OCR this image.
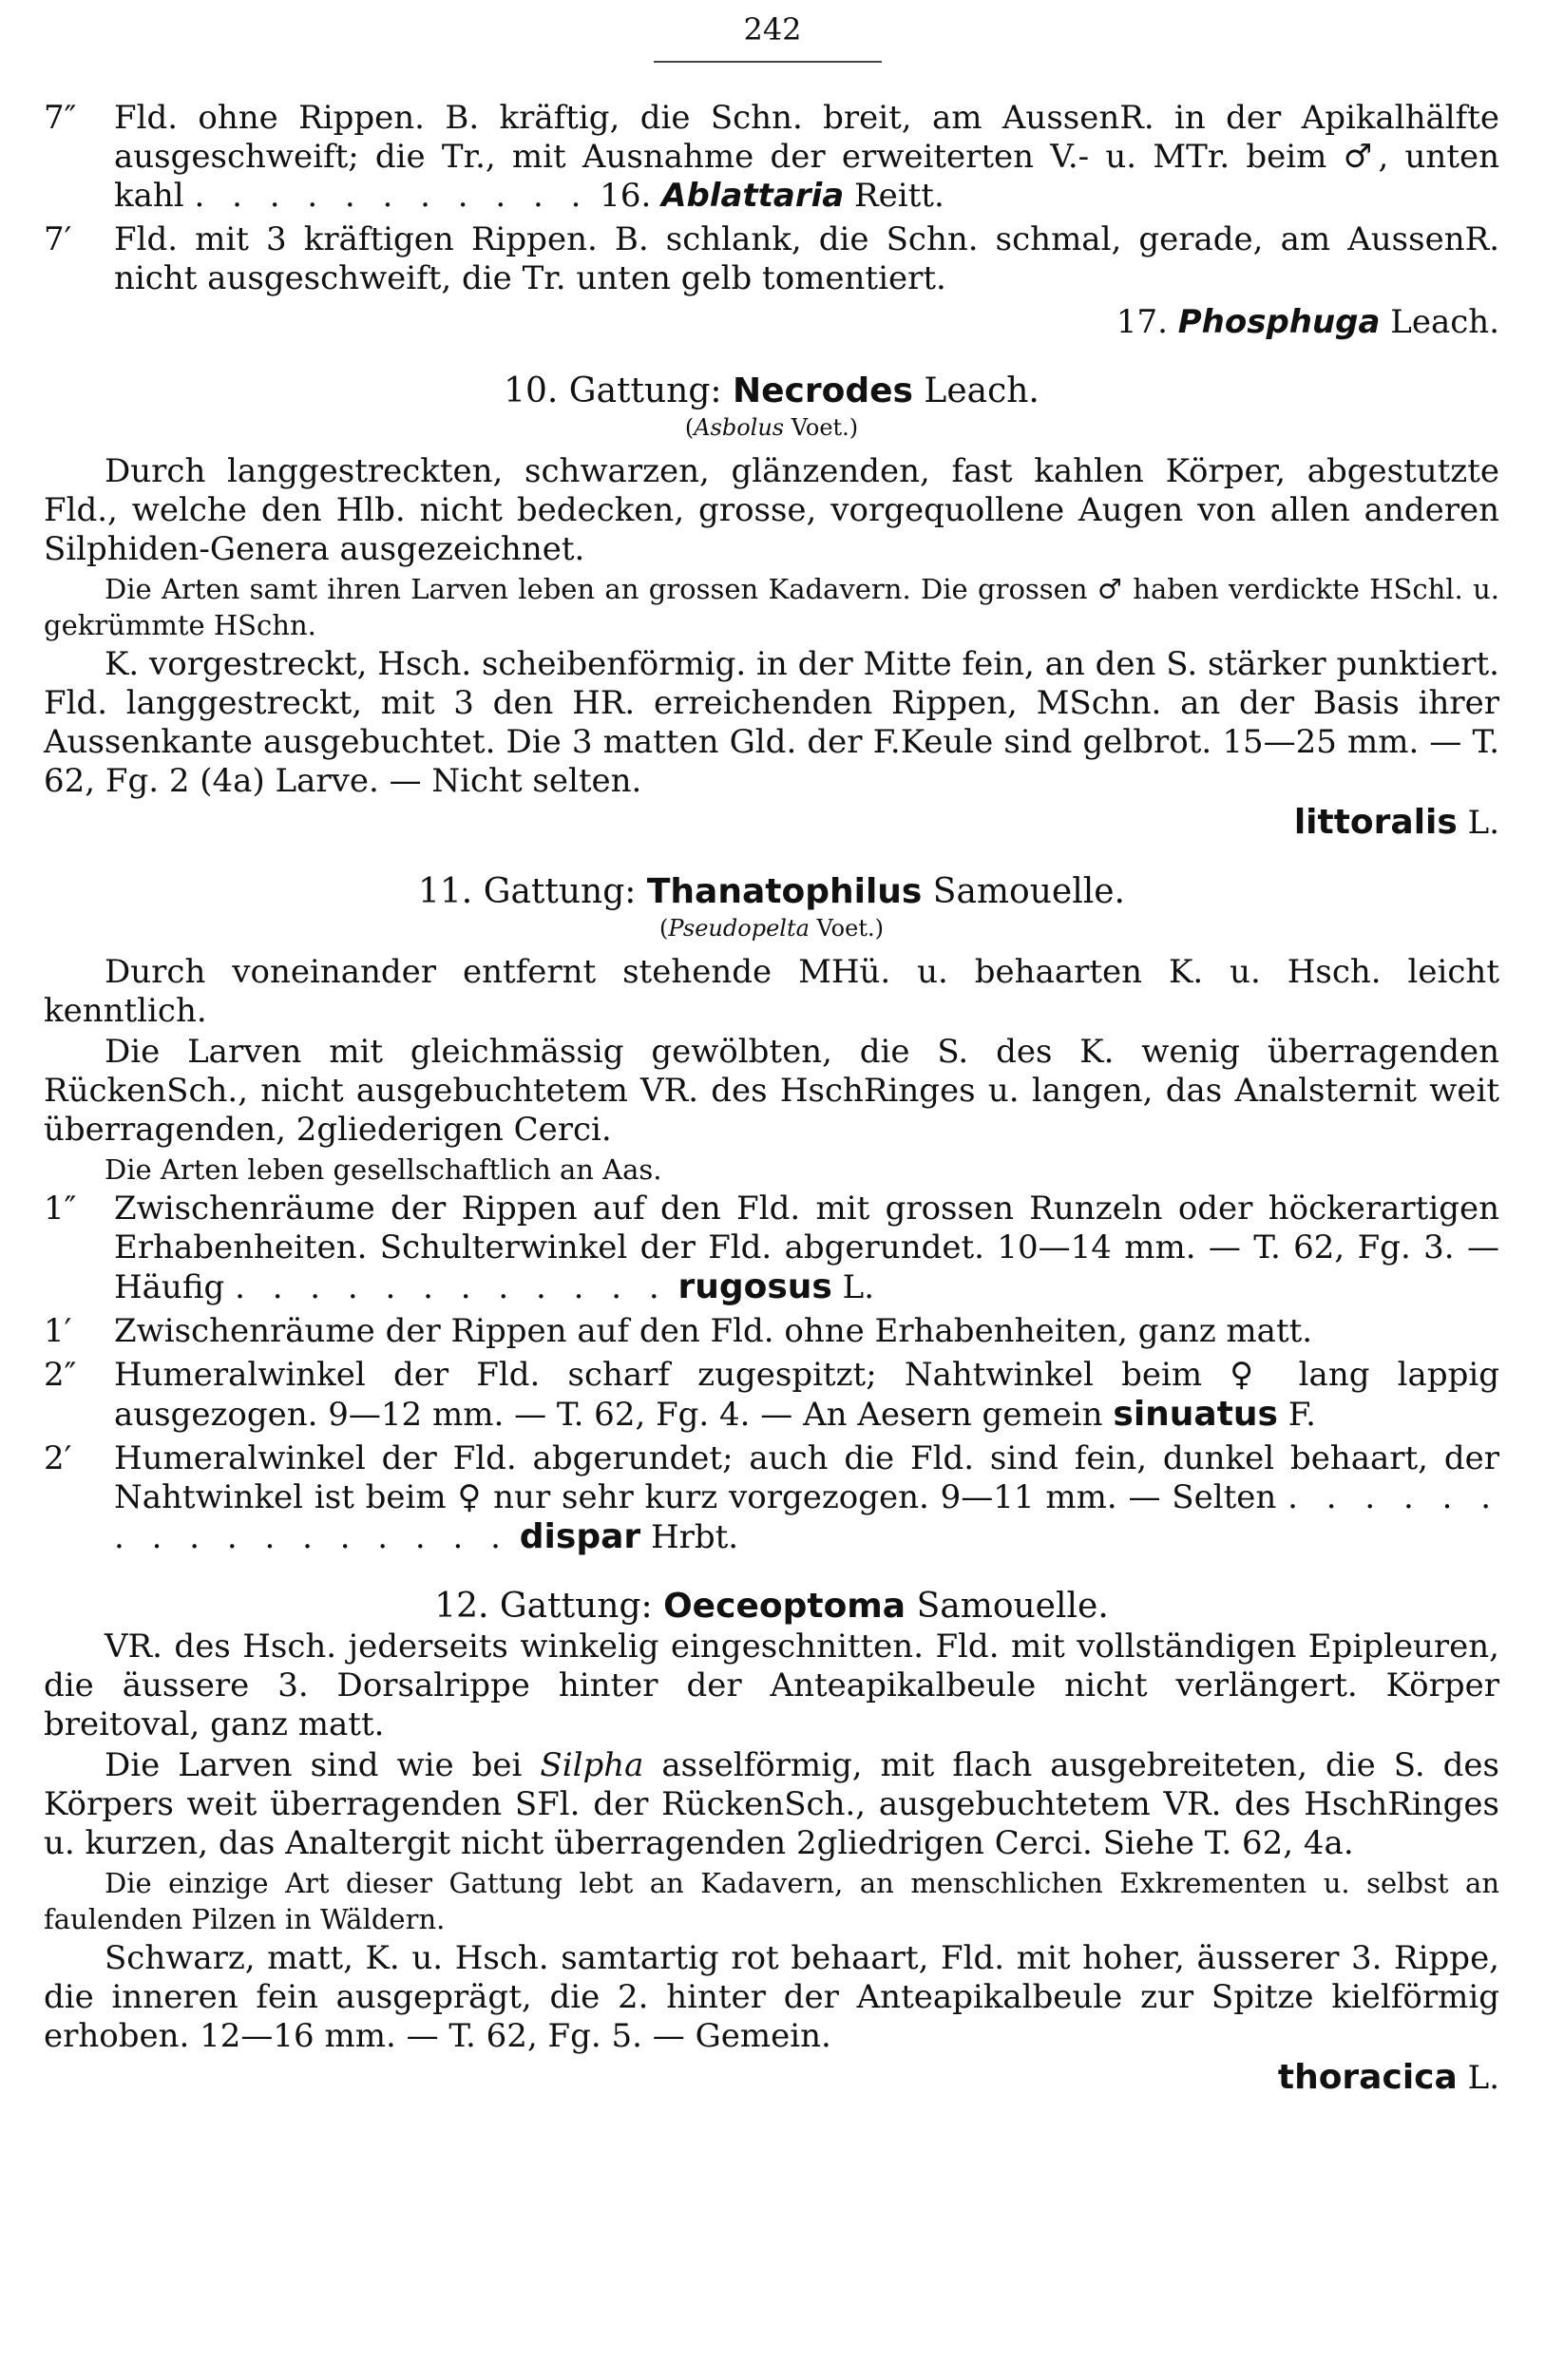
242
7″ Fld. ohne Rippen. B. kräftig, die Schn. breit, am AussenR. in der Apikalhälfte ausgeschweift; die Tr., mit Ausnahme der erweiterten V.- u. MTr. beim ♂, unten kahl . . . . . . . . . . . 16. Ablattaria Reitt.
7′ Fld. mit 3 kräftigen Rippen. B. schlank, die Schn. schmal, gerade, am AussenR. nicht ausgeschweift, die Tr. unten gelb tomentiert.
17. Phosphuga Leach.
10. Gattung: Necrodes Leach.
(Asbolus Voet.)

Durch langgestreckten, schwarzen, glänzenden, fast kahlen Körper, abgestutzte Fld., welche den Hlb. nicht bedecken, grosse, vorgequollene Augen von allen anderen Silphiden-Genera ausgezeichnet.

Die Arten samt ihren Larven leben an grossen Kadavern. Die grossen ♂ haben verdickte HSchl. u. gekrümmte HSchn.

K. vorgestreckt, Hsch. scheibenförmig. in der Mitte fein, an den S. stärker punktiert. Fld. langgestreckt, mit 3 den HR. erreichenden Rippen, MSchn. an der Basis ihrer Aussenkante ausgebuchtet. Die 3 matten Gld. der F.Keule sind gelbrot. 15—25 mm. — T. 62, Fg. 2 (4a) Larve. — Nicht selten.

littoralis L.
11. Gattung: Thanatophilus Samouelle.
(Pseudopelta Voet.)

Durch voneinander entfernt stehende MHü. u. behaarten K. u. Hsch. leicht kenntlich.

Die Larven mit gleichmässig gewölbten, die S. des K. wenig überragenden RückenSch., nicht ausgebuchtetem VR. des HschRinges u. langen, das Analsternit weit überragenden, 2gliederigen Cerci.

Die Arten leben gesellschaftlich an Aas.

1″ Zwischenräume der Rippen auf den Fld. mit grossen Runzeln oder höckerartigen Erhabenheiten. Schulterwinkel der Fld. abgerundet. 10—14 mm. — T. 62, Fg. 3. — Häufig . . . . . . . . . . . . rugosus L.
1′ Zwischenräume der Rippen auf den Fld. ohne Erhabenheiten, ganz matt.
2″ Humeralwinkel der Fld. scharf zugespitzt; Nahtwinkel beim ♀ lang lappig ausgezogen. 9—12 mm. — T. 62, Fg. 4. — An Aesern gemein sinuatus F.
2′ Humeralwinkel der Fld. abgerundet; auch die Fld. sind fein, dunkel behaart, der Nahtwinkel ist beim ♀ nur sehr kurz vorgezogen. 9—11 mm. — Selten . . . . . . . . . . . . . . . . . dispar Hrbt.
12. Gattung: Oeceoptoma Samouelle.

VR. des Hsch. jederseits winkelig eingeschnitten. Fld. mit vollständigen Epipleuren, die äussere 3. Dorsalrippe hinter der Anteapikalbeule nicht verlängert. Körper breitoval, ganz matt.

Die Larven sind wie bei Silpha asselförmig, mit flach ausgebreiteten, die S. des Körpers weit überragenden SFl. der RückenSch., ausgebuchtetem VR. des HschRinges u. kurzen, das Analtergit nicht überragenden 2gliedrigen Cerci. Siehe T. 62, 4a.

Die einzige Art dieser Gattung lebt an Kadavern, an menschlichen Exkrementen u. selbst an faulenden Pilzen in Wäldern.

Schwarz, matt, K. u. Hsch. samtartig rot behaart, Fld. mit hoher, äusserer 3. Rippe, die inneren fein ausgeprägt, die 2. hinter der Anteapikalbeule zur Spitze kielförmig erhoben. 12—16 mm. — T. 62, Fg. 5. — Gemein.

thoracica L.
